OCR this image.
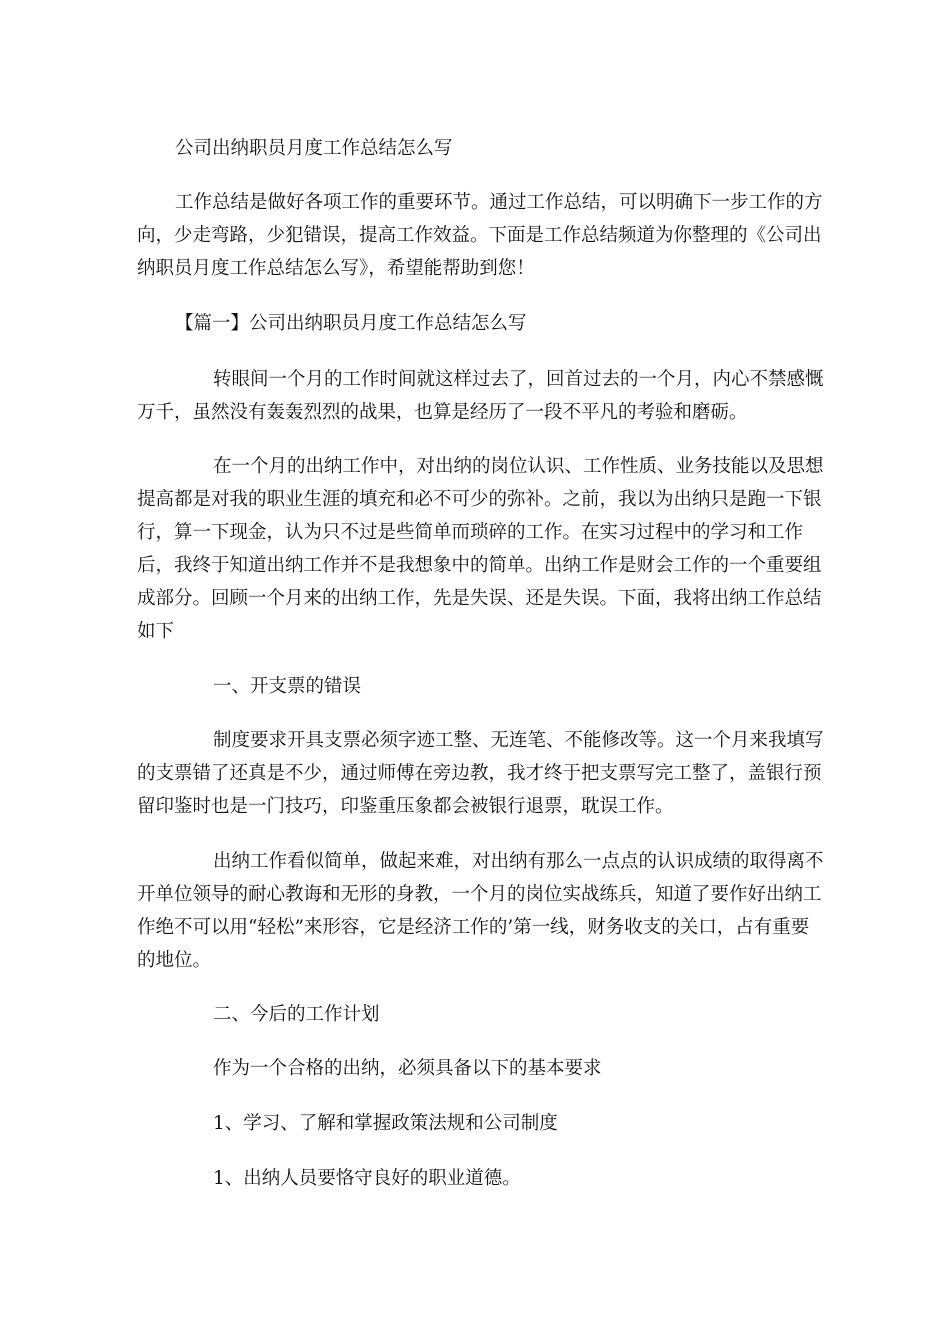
公司出纳职员月度工作总结怎么写

工作总结是做好各项工作的重要环节。通过工作总结，可以明确下一步工作的方向，少走弯路，少犯错误，提高工作效益。下面是工作总结频道为你整理的《公司出纳职员月度工作总结怎么写》，希望能帮助到您！

【篇一】公司出纳职员月度工作总结怎么写

转眼间一个月的工作时间就这样过去了，回首过去的一个月，内心不禁感慨万千，虽然没有轰轰烈烈的战果，也算是经历了一段不平凡的考验和磨砺。

在一个月的出纳工作中，对出纳的岗位认识、工作性质、业务技能以及思想提高都是对我的职业生涯的填充和必不可少的弥补。之前，我以为出纳只是跑一下银行，算一下现金，认为只不过是些简单而琐碎的工作。在实习过程中的学习和工作后，我终于知道出纳工作并不是我想象中的简单。出纳工作是财会工作的一个重要组成部分。回顾一个月来的出纳工作，先是失误、还是失误。下面，我将出纳工作总结如下

一、开支票的错误

制度要求开具支票必须字迹工整、无连笔、不能修改等。这一个月来我填写的支票错了还真是不少，通过师傅在旁边教，我才终于把支票写完工整了，盖银行预留印鉴时也是一门技巧，印鉴重压象都会被银行退票，耽误工作。

出纳工作看似简单，做起来难，对出纳有那么一点点的认识成绩的取得离不开单位领导的耐心教诲和无形的身教，一个月的岗位实战练兵，知道了要作好出纳工作绝不可以用“轻松”来形容，它是经济工作的’第一线，财务收支的关口，占有重要的地位。

二、今后的工作计划

作为一个合格的出纳，必须具备以下的基本要求

1、学习、了解和掌握政策法规和公司制度

1、出纳人员要恪守良好的职业道德。
